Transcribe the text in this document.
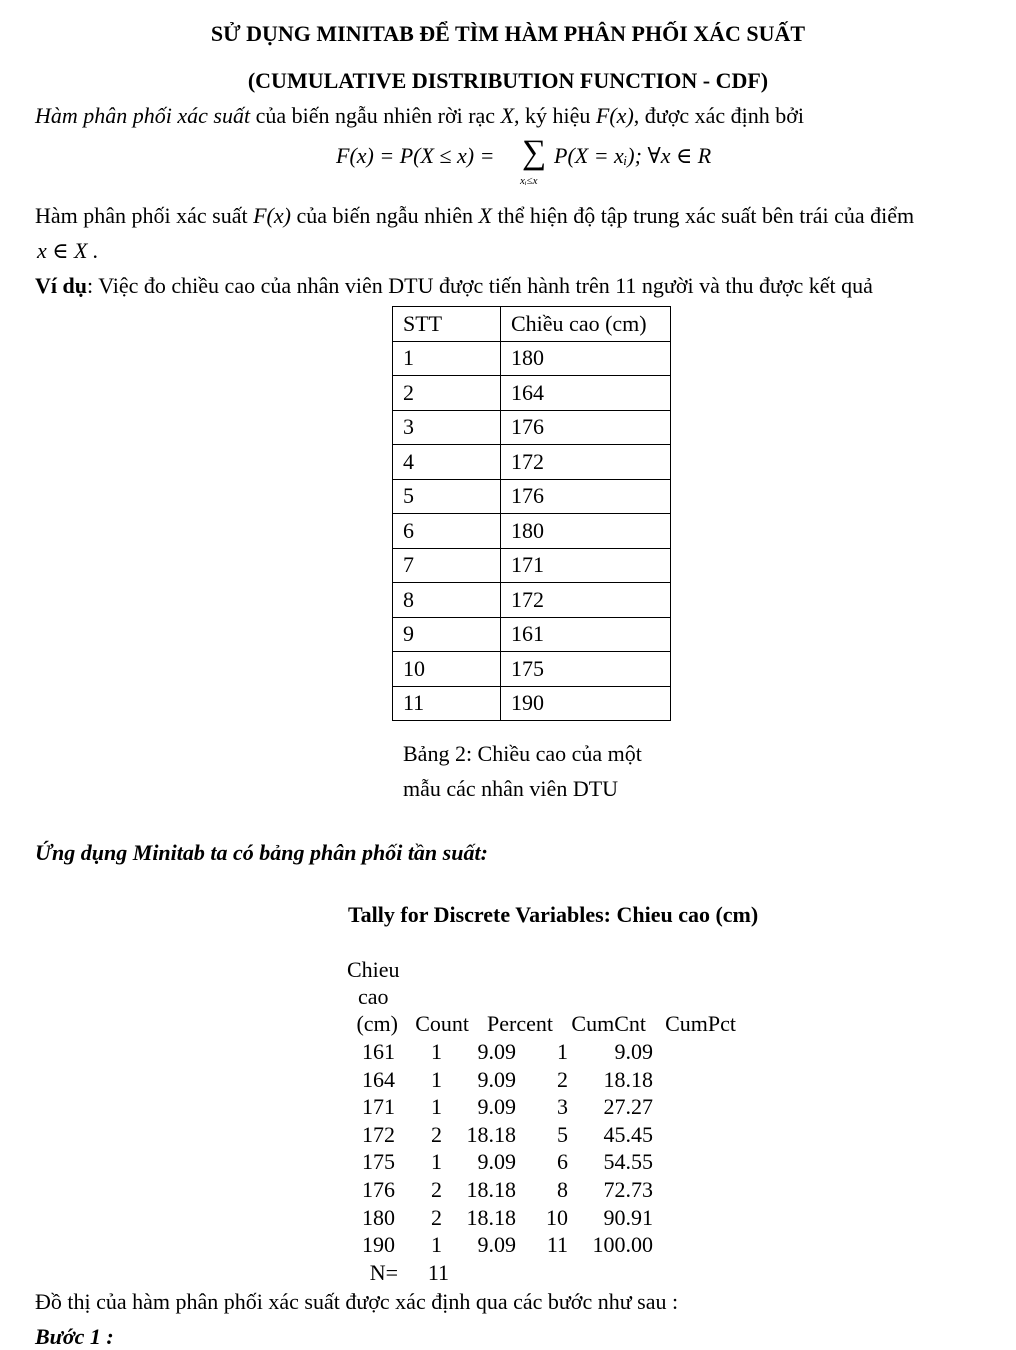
SỬ DỤNG MINITAB ĐỂ TÌM HÀM PHÂN PHỐI XÁC SUẤT
(CUMULATIVE DISTRIBUTION FUNCTION - CDF)
Hàm phân phối xác suất của biến ngẫu nhiên rời rạc X, ký hiệu F(x), được xác định bởi
F(x) = P(X ≤ x) = ∑
xᵢ≤x
P(X = xᵢ); ∀x ∈ R
Hàm phân phối xác suất F(x) của biến ngẫu nhiên X thể hiện độ tập trung xác suất bên trái của điểm
x ∈ X .
Ví dụ: Việc đo chiều cao của nhân viên DTU được tiến hành trên 11 người và thu được kết quả
STT	Chiều cao (cm)
1	180
2	164
3	176
4	172
5	176
6	180
7	171
8	172
9	161
10	175
11	190
Bảng 2: Chiều cao của một mẫu các nhân viên DTU
Ứng dụng Minitab ta có bảng phân phối tần suất:
Tally for Discrete Variables: Chieu cao (cm)
Chieu
cao
(cm) Count Percent CumCnt CumPct
161 1 9.09 1 9.09
164 1 9.09 2 18.18
171 1 9.09 3 27.27
172 2 18.18 5 45.45
175 1 9.09 6 54.55
176 2 18.18 8 72.73
180 2 18.18 10 90.91
190 1 9.09 11 100.00
N= 11
Đồ thị của hàm phân phối xác suất được xác định qua các bước như sau :
Bước 1 :
